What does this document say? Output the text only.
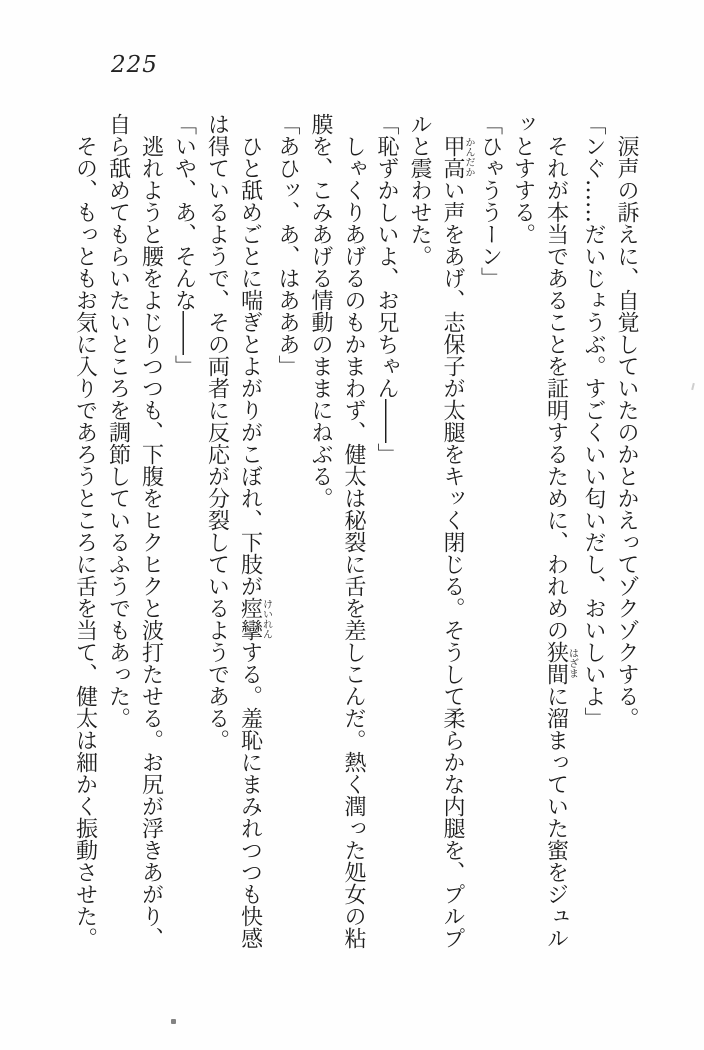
225
涙声の訴えに、自覚していたのかとかえってゾクゾクする。
「ンぐ……だいじょうぶ。すごくいい匂いだし、おいしいよ」
それが本当であることを証明するために、われめの狭間はざまに溜まっていた蜜をジュル
ッとすする。
「ひゃううーン」
甲高かんだかい声をあげ、志保子が太腿をキッく閉じる。そうして柔らかな内腿を、プルプ
ルと震わせた。
「恥ずかしいよ、お兄ちゃん――」
しゃくりあげるのもかまわず、健太は秘裂に舌を差しこんだ。熱く潤った処女の粘
膜を、こみあげる情動のままにねぶる。
「あひッ、あ、はあああ」
ひと舐めごとに喘ぎとよがりがこぼれ、下肢が痙攣けいれんする。羞恥にまみれつつも快感
は得ているようで、その両者に反応が分裂しているようである。
「いや、あ、そんな――」
逃れようと腰をよじりつつも、下腹をヒクヒクと波打たせる。お尻が浮きあがり、
自ら舐めてもらいたいところを調節しているふうでもあった。
その、もっともお気に入りであろうところに舌を当て、健太は細かく振動させた。
